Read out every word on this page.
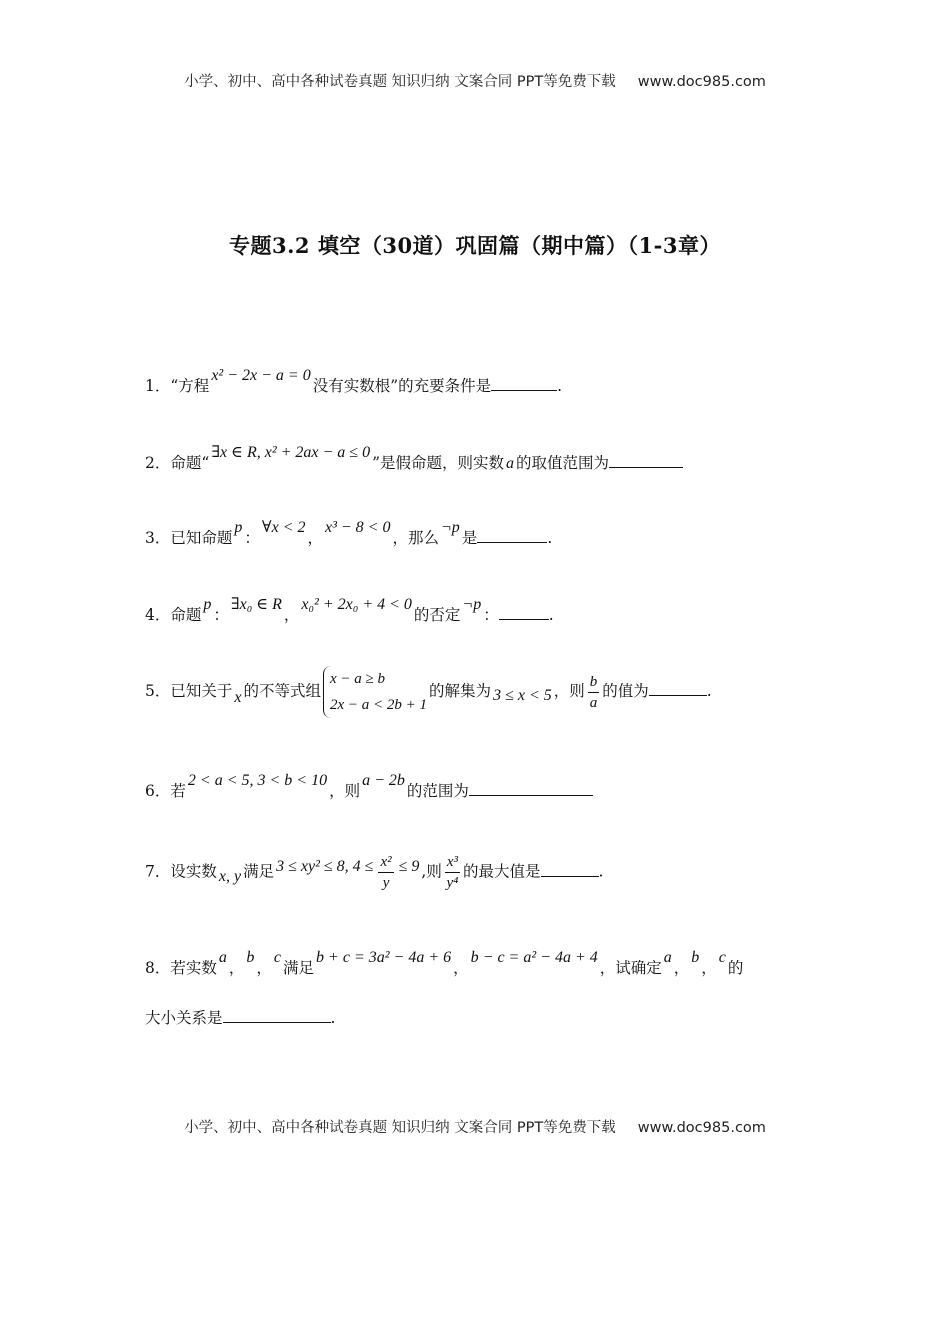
小学、初中、高中各种试卷真题 知识归纳 文案合同 PPT等免费下载 www.doc985.com
专题3.2 填空（30道）巩固篇（期中篇）（1-3章）
1．“方程x² − 2x − a = 0没有实数根”的充要条件是	.
2．命题“∃x ∈ R, x² + 2ax − a ≤ 0”是假命题，则实数 a 的取值范围为
3．已知命题p：∀x < 2，x³ − 8 < 0，那么¬p是	.
4．命题p：∃x₀ ∈ R，x₀² + 2x₀ + 4 < 0的否定¬p：	.
5．已知关于 x 的不等式组
x − a ≥ b
2x − a < 2b + 1
的解集为 3 ≤ x < 5 ，则 $\frac{b}{a}$ 的值为	.
6．若2 < a < 5, 3 < b < 10，则a − 2b的范围为
7．设实数 x, y 满足 3 ≤ xy² ≤ 8, $4 \le \frac{\text{x²}}{y} \le 9$ ,则 $\frac{\text{x³}}{\text{y⁴}}$ 的最大值是	.
8．若实数a，b，c满足b + c = 3a² − 4a + 6，b − c = a² − 4a + 4，试确定a，b，c的
大小关系是	.
小学、初中、高中各种试卷真题 知识归纳 文案合同 PPT等免费下载 www.doc985.com
